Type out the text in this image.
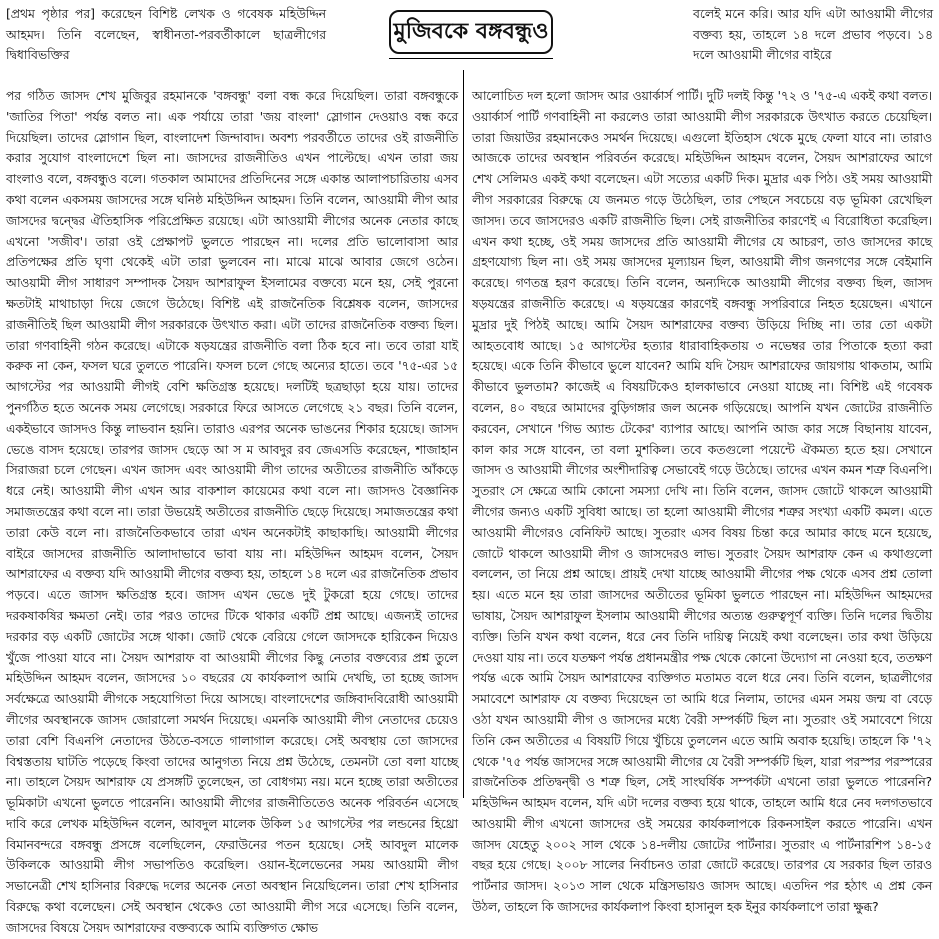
[প্রথম পৃষ্ঠার পর] করেছেন বিশিষ্ট লেখক ও গবেষক মহিউদ্দিন আহমদ। তিনি বলেছেন, স্বাধীনতা-পরবর্তীকালে ছাত্রলীগের দ্বিধাবিভক্তির

মুজিবকে বঙ্গবন্ধুও

বলেই মনে করি। আর যদি এটা আওয়ামী লীগের বক্তব্য হয়, তাহলে ১৪ দলে প্রভাব পড়বে। ১৪ দলে আওয়ামী লীগের বাইরে

পর গঠিত জাসদ শেখ মুজিবুর রহমানকে 'বঙ্গবন্ধু' বলা বন্ধ করে দিয়েছিল। তারা বঙ্গবন্ধুকে 'জাতির পিতা' পর্যন্ত বলত না। এক পর্যায়ে তারা 'জয় বাংলা' স্লোগান দেওয়াও বন্ধ করে দিয়েছিল। তাদের স্লোগান ছিল, বাংলাদেশ জিন্দাবাদ। অবশ্য পরবর্তীতে তাদের ওই রাজনীতি করার সুযোগ বাংলাদেশে ছিল না। জাসদের রাজনীতিও এখন পাল্টেছে। এখন তারা জয় বাংলাও বলে, বঙ্গবন্ধুও বলে। গতকাল আমাদের প্রতিদিনের সঙ্গে একান্ত আলাপচারিতায় এসব কথা বলেন একসময় জাসদের সঙ্গে ঘনিষ্ঠ মহিউদ্দিন আহমদ। তিনি বলেন, আওয়ামী লীগ আর জাসদের দ্বন্দ্বের ঐতিহাসিক পরিপ্রেক্ষিত রয়েছে। এটা আওয়ামী লীগের অনেক নেতার কাছে এখনো 'সজীব'। তারা ওই প্রেক্ষাপট ভুলতে পারছেন না। দলের প্রতি ভালোবাসা আর প্রতিপক্ষের প্রতি ঘৃণা থেকেই এটা তারা ভুলবেন না। মাঝে মাঝে আবার জেগে ওঠেন। আওয়ামী লীগ সাধারণ সম্পাদক সৈয়দ আশরাফুল ইসলামের বক্তব্যে মনে হয়, সেই পুরনো ক্ষতটাই মাথাচাড়া দিয়ে জেগে উঠেছে। বিশিষ্ট এই রাজনৈতিক বিশ্লেষক বলেন, জাসদের রাজনীতিই ছিল আওয়ামী লীগ সরকারকে উৎখাত করা। এটা তাদের রাজনৈতিক বক্তব্য ছিল। তারা গণবাহিনী গঠন করেছে। এটাকে ষড়যন্ত্রের রাজনীতি বলা ঠিক হবে না। তবে তারা যাই করুক না কেন, ফসল ঘরে তুলতে পারেনি। ফসল চলে গেছে অন্যের হাতে। তবে '৭৫-এর ১৫ আগস্টের পর আওয়ামী লীগই বেশি ক্ষতিগ্রস্ত হয়েছে। দলটিই ছত্রছাড়া হয়ে যায়। তাদের পুনর্গঠিত হতে অনেক সময় লেগেছে। সরকারে ফিরে আসতে লেগেছে ২১ বছর। তিনি বলেন, একইভাবে জাসদও কিন্তু লাভবান হয়নি। তারাও এরপর অনেক ভাঙনের শিকার হয়েছে। জাসদ ভেঙে বাসদ হয়েছে। তারপর জাসদ ছেড়ে আ স ম আবদুর রব জেএসডি করেছেন, শাজাহান সিরাজরা চলে গেছেন। এখন জাসদ এবং আওয়ামী লীগ তাদের অতীতের রাজনীতি আঁকড়ে ধরে নেই। আওয়ামী লীগ এখন আর বাকশাল কায়েমের কথা বলে না। জাসদও বৈজ্ঞানিক সমাজতন্ত্রের কথা বলে না। তারা উভয়েই অতীতের রাজনীতি ছেড়ে দিয়েছে। সমাজতন্ত্রের কথা তারা কেউ বলে না। রাজনৈতিকভাবে তারা এখন অনেকটাই কাছাকাছি। আওয়ামী লীগের বাইরে জাসদের রাজনীতি আলাদাভাবে ভাবা যায় না। মহিউদ্দিন আহমদ বলেন, সৈয়দ আশরাফের এ বক্তব্য যদি আওয়ামী লীগের বক্তব্য হয়, তাহলে ১৪ দলে এর রাজনৈতিক প্রভাব পড়বে। এতে জাসদ ক্ষতিগ্রস্ত হবে। জাসদ এখন ভেঙে দুই টুকরো হয়ে গেছে। তাদের দরকষাকষির ক্ষমতা নেই। তার পরও তাদের টিকে থাকার একটি প্রশ্ন আছে। এজন্যই তাদের দরকার বড় একটি জোটের সঙ্গে থাকা। জোট থেকে বেরিয়ে গেলে জাসদকে হারিকেন দিয়েও খুঁজে পাওয়া যাবে না। সৈয়দ আশরাফ বা আওয়ামী লীগের কিছু নেতার বক্তব্যের প্রশ্ন তুলে মহিউদ্দিন আহমদ বলেন, জাসদের ১০ বছরের যে কার্যকলাপ আমি দেখছি, তা হচ্ছে জাসদ সর্বক্ষেত্রে আওয়ামী লীগকে সহযোগিতা দিয়ে আসছে। বাংলাদেশের জঙ্গিবাদবিরোধী আওয়ামী লীগের অবস্থানকে জাসদ জোরালো সমর্থন দিয়েছে। এমনকি আওয়ামী লীগ নেতাদের চেয়েও তারা বেশি বিএনপি নেতাদের উঠতে-বসতে গালাগাল করেছে। সেই অবস্থায় তো জাসদের বিশ্বস্ততায় ঘাটতি পড়েছে কিংবা তাদের আনুগত্য নিয়ে প্রশ্ন উঠেছে, তেমনটা তো বলা যাচ্ছে না। তাহলে সৈয়দ আশরাফ যে প্রসঙ্গটি তুলেছেন, তা বোধগম্য নয়। মনে হচ্ছে তারা অতীতের ভূমিকাটা এখনো ভুলতে পারেননি। আওয়ামী লীগের রাজনীতিতেও অনেক পরিবর্তন এসেছে দাবি করে লেখক মহিউদ্দিন বলেন, আবদুল মালেক উকিল ১৫ আগস্টের পর লন্ডনের হিথ্রো বিমানবন্দরে বঙ্গবন্ধু প্রসঙ্গে বলেছিলেন, ফেরাউনের পতন হয়েছে। সেই আবদুল মালেক উকিলকে আওয়ামী লীগ সভাপতিও করেছিল। ওয়ান-ইলেভেনের সময় আওয়ামী লীগ সভানেত্রী শেখ হাসিনার বিরুদ্ধে দলের অনেক নেতা অবস্থান নিয়েছিলেন। তারা শেখ হাসিনার বিরুদ্ধে কথা বলেছেন। সেই অবস্থান থেকেও তো আওয়ামী লীগ সরে এসেছে। তিনি বলেন, জাসদের বিষয়ে সৈয়দ আশরাফের বক্তব্যকে আমি ব্যক্তিগত ক্ষোভ

আলোচিত দল হলো জাসদ আর ওয়ার্কার্স পার্টি। দুটি দলই কিন্তু '৭২ ও '৭৫-এ একই কথা বলত। ওয়ার্কার্স পার্টি গণবাহিনী না করলেও তারা আওয়ামী লীগ সরকারকে উৎখাত করতে চেয়েছিল। তারা জিয়াউর রহমানকেও সমর্থন দিয়েছে। এগুলো ইতিহাস থেকে মুছে ফেলা যাবে না। তারাও আজকে তাদের অবস্থান পরিবর্তন করেছে। মহিউদ্দিন আহমদ বলেন, সৈয়দ আশরাফের আগে শেখ সেলিমও একই কথা বলেছেন। এটা সত্যের একটি দিক। মুদ্রার এক পিঠ। ওই সময় আওয়ামী লীগ সরকারের বিরুদ্ধে যে জনমত গড়ে উঠেছিল, তার পেছনে সবচেয়ে বড় ভূমিকা রেখেছিল জাসদ। তবে জাসদেরও একটি রাজনীতি ছিল। সেই রাজনীতির কারণেই এ বিরোধিতা করেছিল। এখন কথা হচ্ছে, ওই সময় জাসদের প্রতি আওয়ামী লীগের যে আচরণ, তাও জাসদের কাছে গ্রহণযোগ্য ছিল না। ওই সময় জাসদের মূল্যায়ন ছিল, আওয়ামী লীগ জনগণের সঙ্গে বেইমানি করেছে। গণতন্ত্র হরণ করেছে। তিনি বলেন, অন্যদিকে আওয়ামী লীগের বক্তব্য ছিল, জাসদ ষড়যন্ত্রের রাজনীতি করেছে। এ ষড়যন্ত্রের কারণেই বঙ্গবন্ধু সপরিবারে নিহত হয়েছেন। এখানে মুদ্রার দুই পিঠই আছে। আমি সৈয়দ আশরাফের বক্তব্য উড়িয়ে দিচ্ছি না। তার তো একটা আহতবোধ আছে। ১৫ আগস্টের হত্যার ধারাবাহিকতায় ৩ নভেম্বর তার পিতাকে হত্যা করা হয়েছে। একে তিনি কীভাবে ভুলে যাবেন? আমি যদি সৈয়দ আশরাফের জায়গায় থাকতাম, আমি কীভাবে ভুলতাম? কাজেই এ বিষয়টিকেও হালকাভাবে নেওয়া যাচ্ছে না। বিশিষ্ট এই গবেষক বলেন, ৪০ বছরে আমাদের বুড়িগঙ্গার জল অনেক গড়িয়েছে। আপনি যখন জোটের রাজনীতি করবেন, সেখানে 'গিভ অ্যান্ড টেকের' ব্যাপার আছে। আপনি আজ কার সঙ্গে বিছানায় যাবেন, কাল কার সঙ্গে যাবেন, তা বলা মুশকিল। তবে কতগুলো পয়েন্টে ঐকমত্য হতে হয়। সেখানে জাসদ ও আওয়ামী লীগের অংশীদারিত্ব সেভাবেই গড়ে উঠেছে। তাদের এখন কমন শত্রু বিএনপি। সুতরাং সে ক্ষেত্রে আমি কোনো সমস্যা দেখি না। তিনি বলেন, জাসদ জোটে থাকলে আওয়ামী লীগের জন্যও একটি সুবিধা আছে। তা হলো আওয়ামী লীগের শত্রুর সংখ্যা একটি কমল। এতে আওয়ামী লীগেরও বেনিফিট আছে। সুতরাং এসব বিষয় চিন্তা করে আমার কাছে মনে হয়েছে, জোটে থাকলে আওয়ামী লীগ ও জাসদেরও লাভ। সুতরাং সৈয়দ আশরাফ কেন এ কথাগুলো বললেন, তা নিয়ে প্রশ্ন আছে। প্রায়ই দেখা যাচ্ছে আওয়ামী লীগের পক্ষ থেকে এসব প্রশ্ন তোলা হয়। এতে মনে হয় তারা জাসদের অতীতের ভূমিকা ভুলতে পারছেন না। মহিউদ্দিন আহমদের ভাষায়, সৈয়দ আশরাফুল ইসলাম আওয়ামী লীগের অত্যন্ত গুরুত্বপূর্ণ ব্যক্তি। তিনি দলের দ্বিতীয় ব্যক্তি। তিনি যখন কথা বলেন, ধরে নেব তিনি দায়িত্ব নিয়েই কথা বলেছেন। তার কথা উড়িয়ে দেওয়া যায় না। তবে যতক্ষণ পর্যন্ত প্রধানমন্ত্রীর পক্ষ থেকে কোনো উদ্যোগ না নেওয়া হবে, ততক্ষণ পর্যন্ত একে আমি সৈয়দ আশরাফের ব্যক্তিগত মতামত বলে ধরে নেব। তিনি বলেন, ছাত্রলীগের সমাবেশে আশরাফ যে বক্তব্য দিয়েছেন তা আমি ধরে নিলাম, তাদের এমন সময় জন্ম বা বেড়ে ওঠা যখন আওয়ামী লীগ ও জাসদের মধ্যে বৈরী সম্পর্কটি ছিল না। সুতরাং ওই সমাবেশে গিয়ে তিনি কেন অতীতের এ বিষয়টি গিয়ে খুঁচিয়ে তুললেন এতে আমি অবাক হয়েছি। তাহলে কি '৭২ থেকে '৭৫ পর্যন্ত জাসদের সঙ্গে আওয়ামী লীগের যে বৈরী সম্পর্কটি ছিল, যারা পরস্পর পরস্পরের রাজনৈতিক প্রতিদ্বন্দ্বী ও শত্রু ছিল, সেই সাংঘর্ষিক সম্পর্কটা এখনো তারা ভুলতে পারেননি? মহিউদ্দিন আহমদ বলেন, যদি এটা দলের বক্তব্য হয়ে থাকে, তাহলে আমি ধরে নেব দলগতভাবে আওয়ামী লীগ এখনো জাসদের ওই সময়ের কার্যকলাপকে রিকনসাইল করতে পারেনি। এখন জাসদ যেহেতু ২০০২ সাল থেকে ১৪-দলীয় জোটের পার্টনার। সুতরাং এ পার্টনারশিপ ১৪-১৫ বছর হয়ে গেছে। ২০০৮ সালের নির্বাচনও তারা জোটে করেছে। তারপর যে সরকার ছিল তারও পার্টনার জাসদ। ২০১৩ সাল থেকে মন্ত্রিসভায়ও জাসদ আছে। এতদিন পর হঠাৎ এ প্রশ্ন কেন উঠল, তাহলে কি জাসদের কার্যকলাপ কিংবা হাসানুল হক ইনুর কার্যকলাপে তারা ক্ষুব্ধ?
